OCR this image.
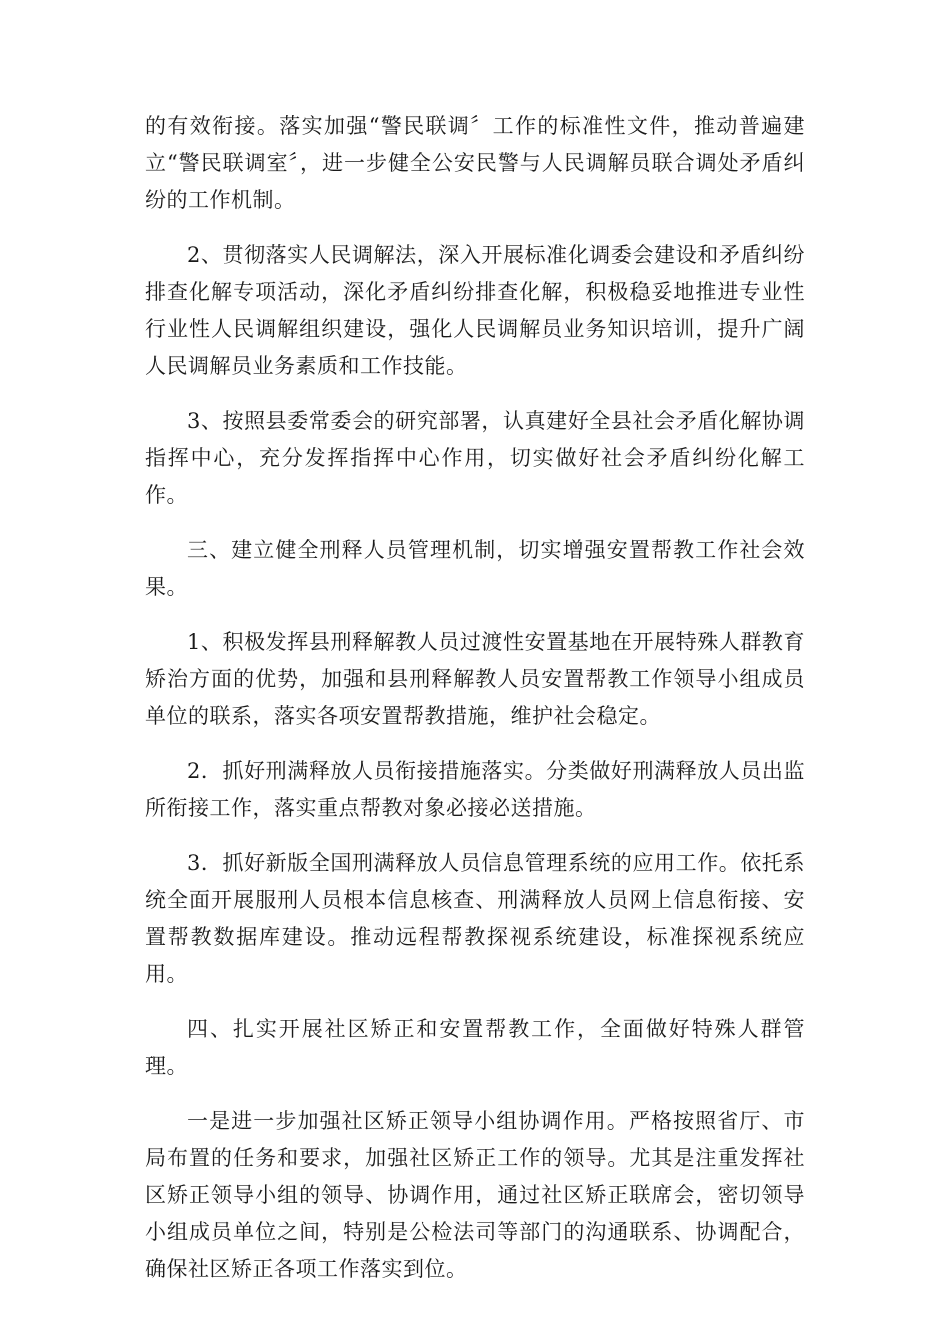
的有效衔接。落实加强“警民联调〞工作的标准性文件，推动普遍建立“警民联调室〞，进一步健全公安民警与人民调解员联合调处矛盾纠纷的工作机制。

2、贯彻落实人民调解法，深入开展标准化调委会建设和矛盾纠纷排查化解专项活动，深化矛盾纠纷排查化解，积极稳妥地推进专业性行业性人民调解组织建设，强化人民调解员业务知识培训，提升广阔人民调解员业务素质和工作技能。

3、按照县委常委会的研究部署，认真建好全县社会矛盾化解协调指挥中心，充分发挥指挥中心作用，切实做好社会矛盾纠纷化解工作。

三、建立健全刑释人员管理机制，切实增强安置帮教工作社会效果。

1、积极发挥县刑释解教人员过渡性安置基地在开展特殊人群教育矫治方面的优势，加强和县刑释解教人员安置帮教工作领导小组成员单位的联系，落实各项安置帮教措施，维护社会稳定。

2．抓好刑满释放人员衔接措施落实。分类做好刑满释放人员出监所衔接工作，落实重点帮教对象必接必送措施。

3．抓好新版全国刑满释放人员信息管理系统的应用工作。依托系统全面开展服刑人员根本信息核查、刑满释放人员网上信息衔接、安置帮教数据库建设。推动远程帮教探视系统建设，标准探视系统应用。

四、扎实开展社区矫正和安置帮教工作，全面做好特殊人群管理。

一是进一步加强社区矫正领导小组协调作用。严格按照省厅、市局布置的任务和要求，加强社区矫正工作的领导。尤其是注重发挥社区矫正领导小组的领导、协调作用，通过社区矫正联席会，密切领导小组成员单位之间，特别是公检法司等部门的沟通联系、协调配合，确保社区矫正各项工作落实到位。
